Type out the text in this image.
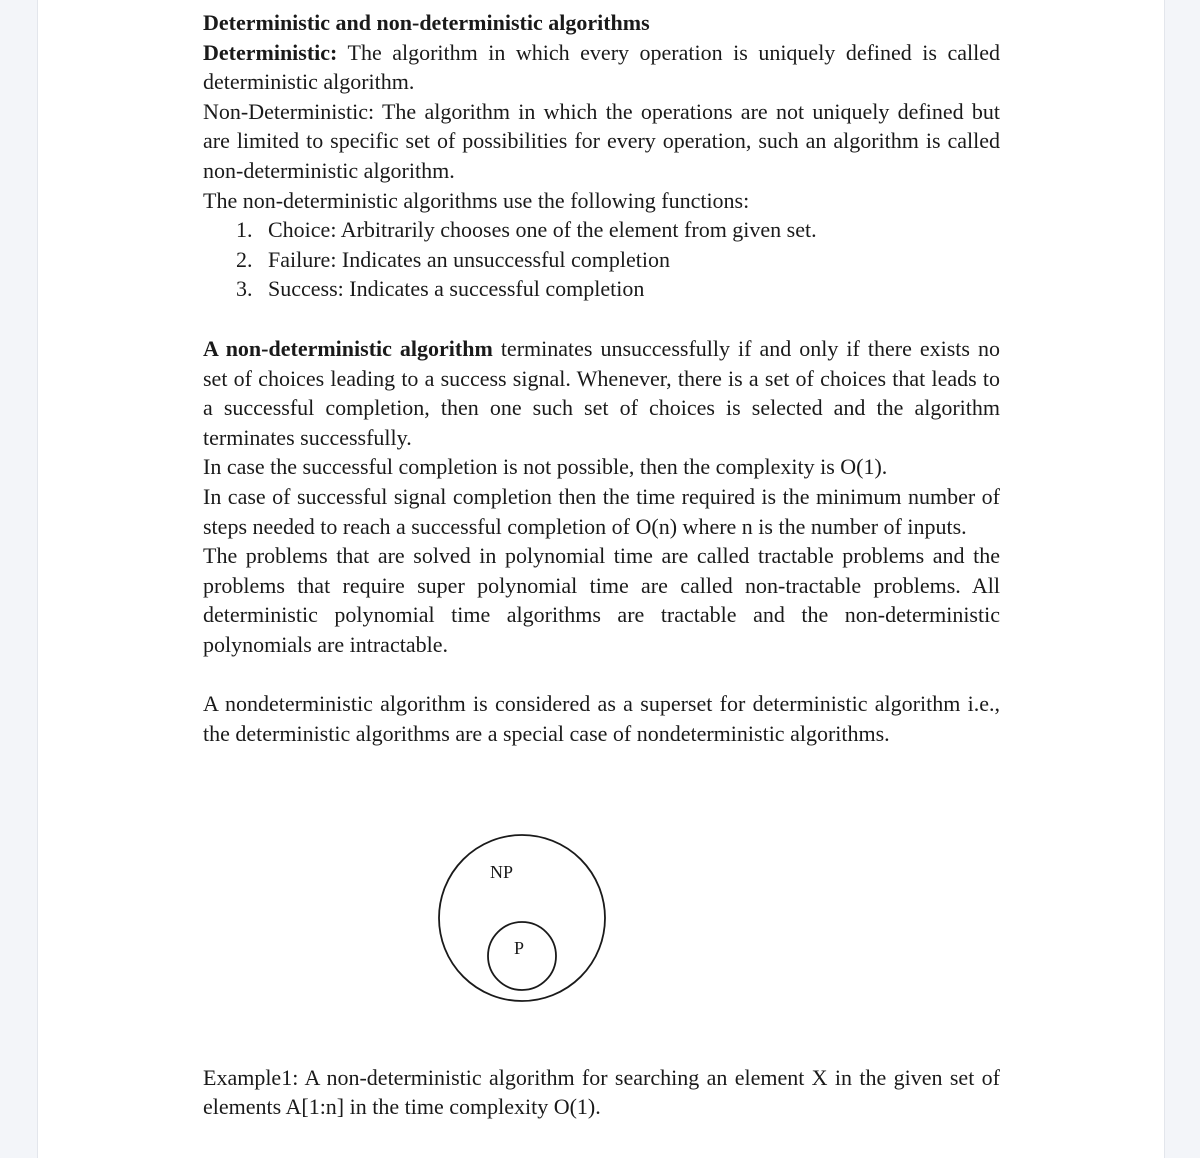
Deterministic and non-deterministic algorithms

Deterministic: The algorithm in which every operation is uniquely defined is called deterministic algorithm.

Non-Deterministic: The algorithm in which the operations are not uniquely defined but are limited to specific set of possibilities for every operation, such an algorithm is called non-deterministic algorithm.

The non-deterministic algorithms use the following functions:

1. Choice: Arbitrarily chooses one of the element from given set.
2. Failure: Indicates an unsuccessful completion
3. Success: Indicates a successful completion

A non-deterministic algorithm terminates unsuccessfully if and only if there exists no set of choices leading to a success signal. Whenever, there is a set of choices that leads to a successful completion, then one such set of choices is selected and the algorithm terminates successfully.

In case the successful completion is not possible, then the complexity is O(1).

In case of successful signal completion then the time required is the minimum number of steps needed to reach a successful completion of O(n) where n is the number of inputs.

The problems that are solved in polynomial time are called tractable problems and the problems that require super polynomial time are called non-tractable problems. All deterministic polynomial time algorithms are tractable and the non-deterministic polynomials are intractable.

A nondeterministic algorithm is considered as a superset for deterministic algorithm i.e., the deterministic algorithms are a special case of nondeterministic algorithms.

Example1: A non-deterministic algorithm for searching an element X in the given set of elements A[1:n] in the time complexity O(1).

NP
P
